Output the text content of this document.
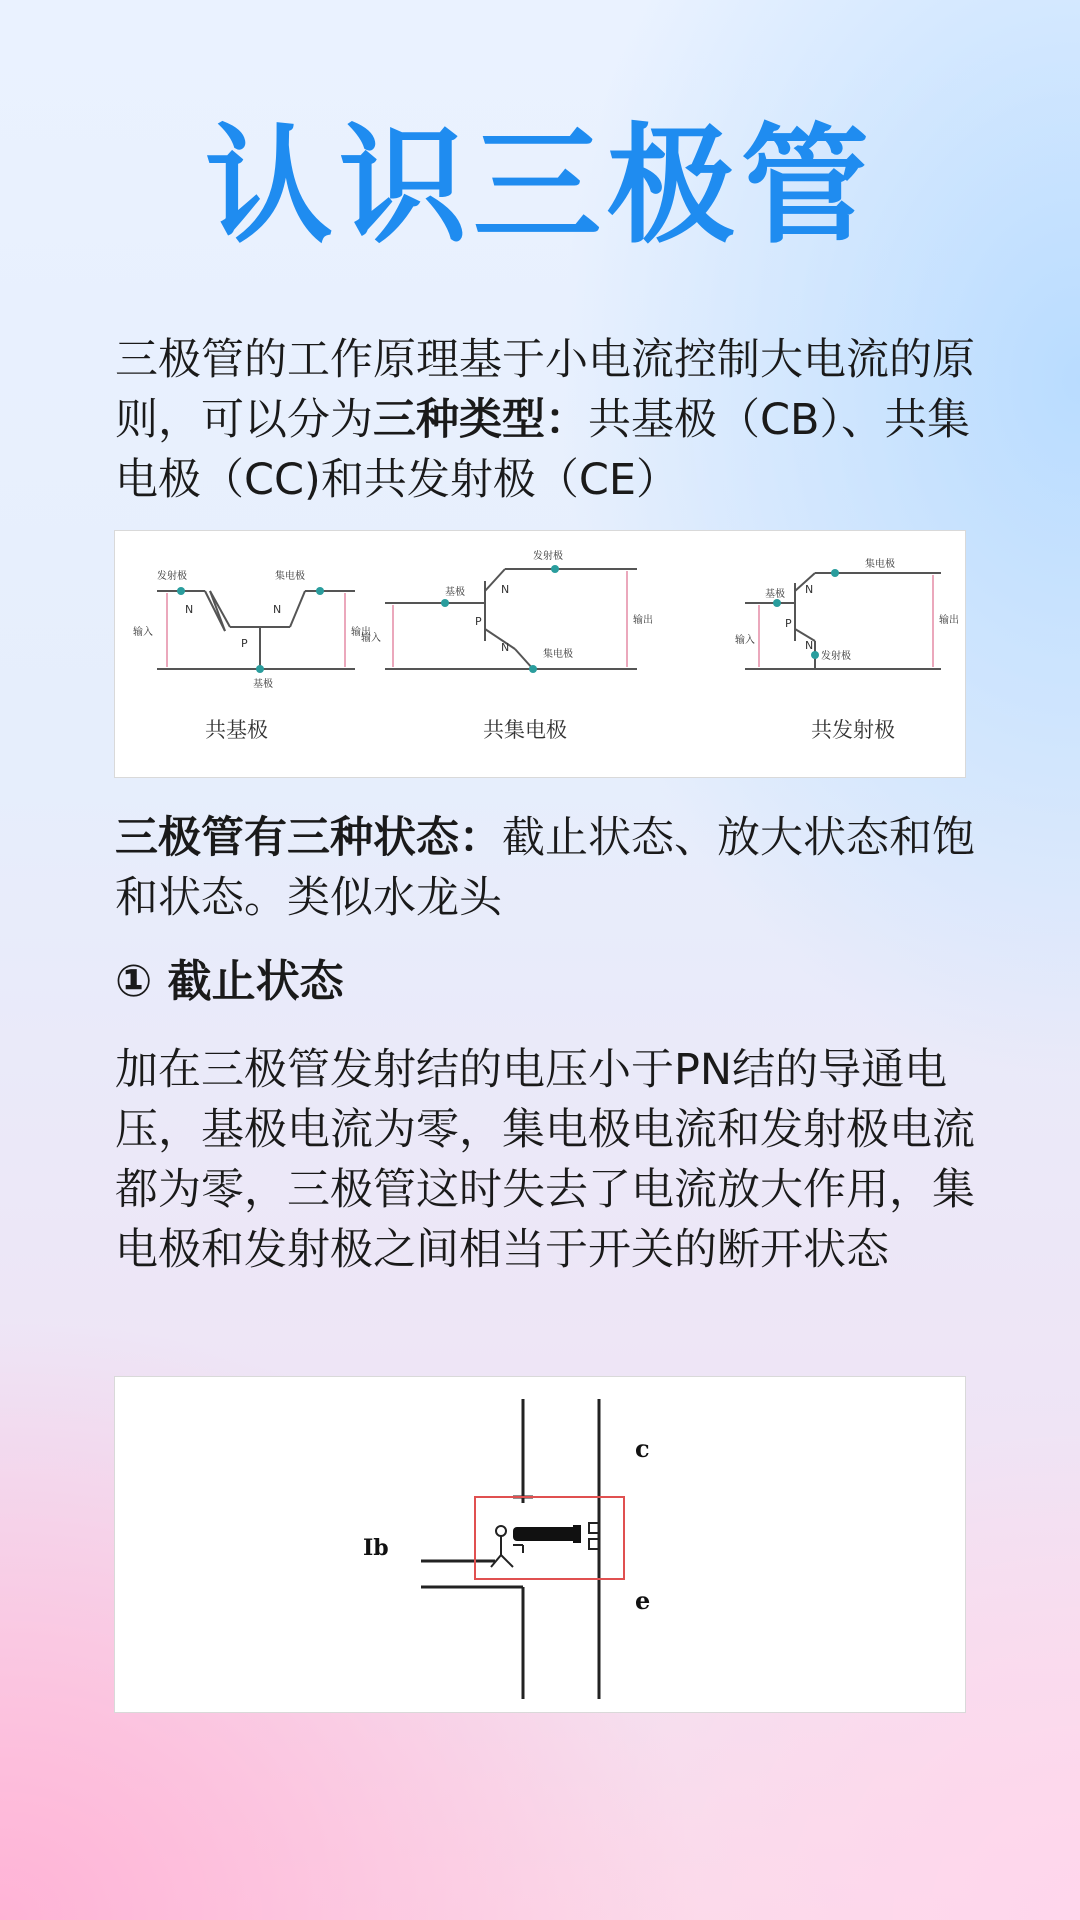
认识三极管
三极管的工作原理基于小电流控制大电流的原则，可以分为三种类型：共基极（CB）、共集电极（CC)和共发射极（CE）
发射极	集电极
基极
输入	输出
N
P
N
共基极
基极
发射极
集电极
输入
输出
N
P
N
共集电极
基极
集电极
发射极
输入
输出
N
P
N
共发射极
三极管有三种状态：截止状态、放大状态和饱和状态。类似水龙头
① 截止状态
加在三极管发射结的电压小于PN结的导通电压，基极电流为零，集电极电流和发射极电流都为零，三极管这时失去了电流放大作用，集电极和发射极之间相当于开关的断开状态
Ib
c
e
